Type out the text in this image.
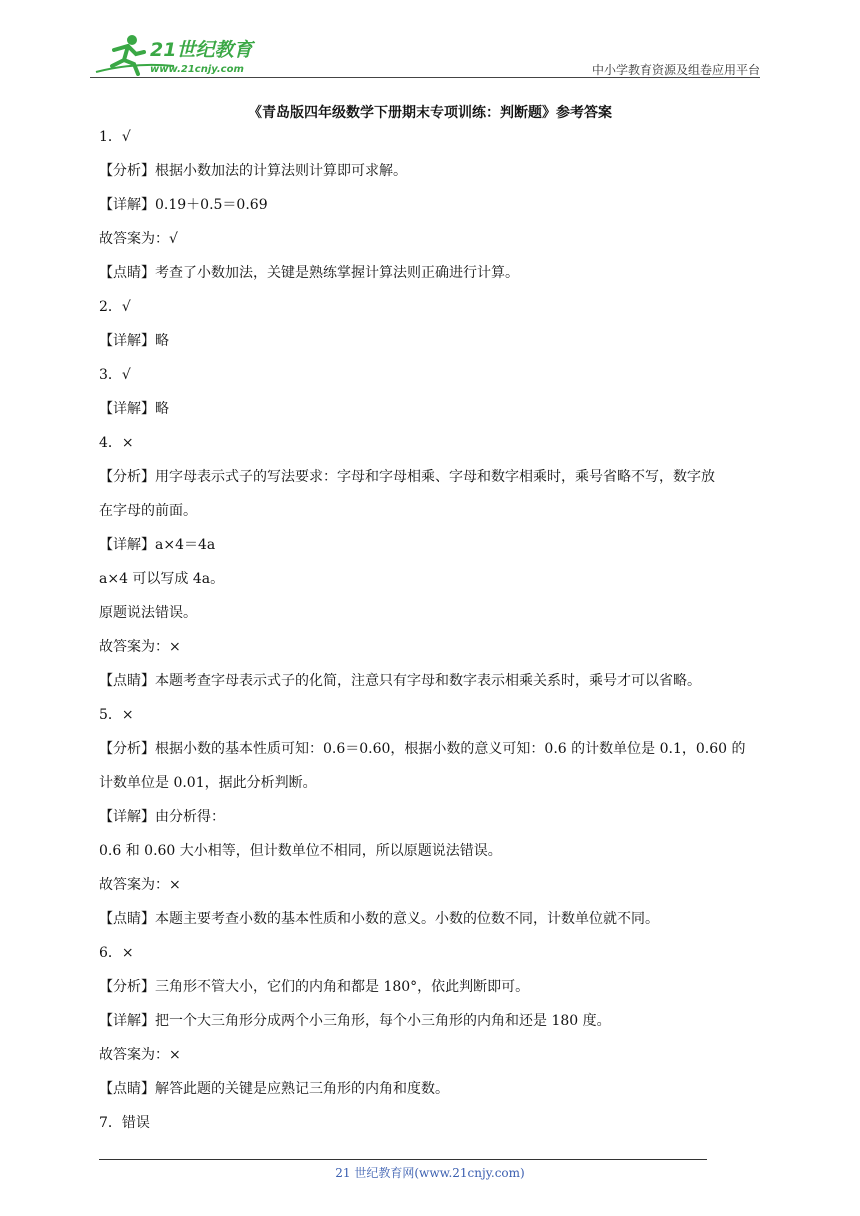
21世纪教育
www.21cnjy.com	中小学教育资源及组卷应用平台
《青岛版四年级数学下册期末专项训练：判断题》参考答案
1．√
【分析】根据小数加法的计算法则计算即可求解。
【详解】0.19＋0.5＝0.69
故答案为：√
【点睛】考查了小数加法，关键是熟练掌握计算法则正确进行计算。
2．√
【详解】略
3．√
【详解】略
4．×
【分析】用字母表示式子的写法要求：字母和字母相乘、字母和数字相乘时，乘号省略不写，数字放
在字母的前面。
【详解】a×4＝4a
a×4 可以写成 4a。
原题说法错误。
故答案为：×
【点睛】本题考查字母表示式子的化简，注意只有字母和数字表示相乘关系时，乘号才可以省略。
5．×
【分析】根据小数的基本性质可知：0.6＝0.60，根据小数的意义可知：0.6 的计数单位是 0.1，0.60 的
计数单位是 0.01，据此分析判断。
【详解】由分析得：
0.6 和 0.60 大小相等，但计数单位不相同，所以原题说法错误。
故答案为：×
【点睛】本题主要考查小数的基本性质和小数的意义。小数的位数不同，计数单位就不同。
6．×
【分析】三角形不管大小，它们的内角和都是 180°，依此判断即可。
【详解】把一个大三角形分成两个小三角形，每个小三角形的内角和还是 180 度。
故答案为：×
【点睛】解答此题的关键是应熟记三角形的内角和度数。
7．错误
21 世纪教育网(www.21cnjy.com)
